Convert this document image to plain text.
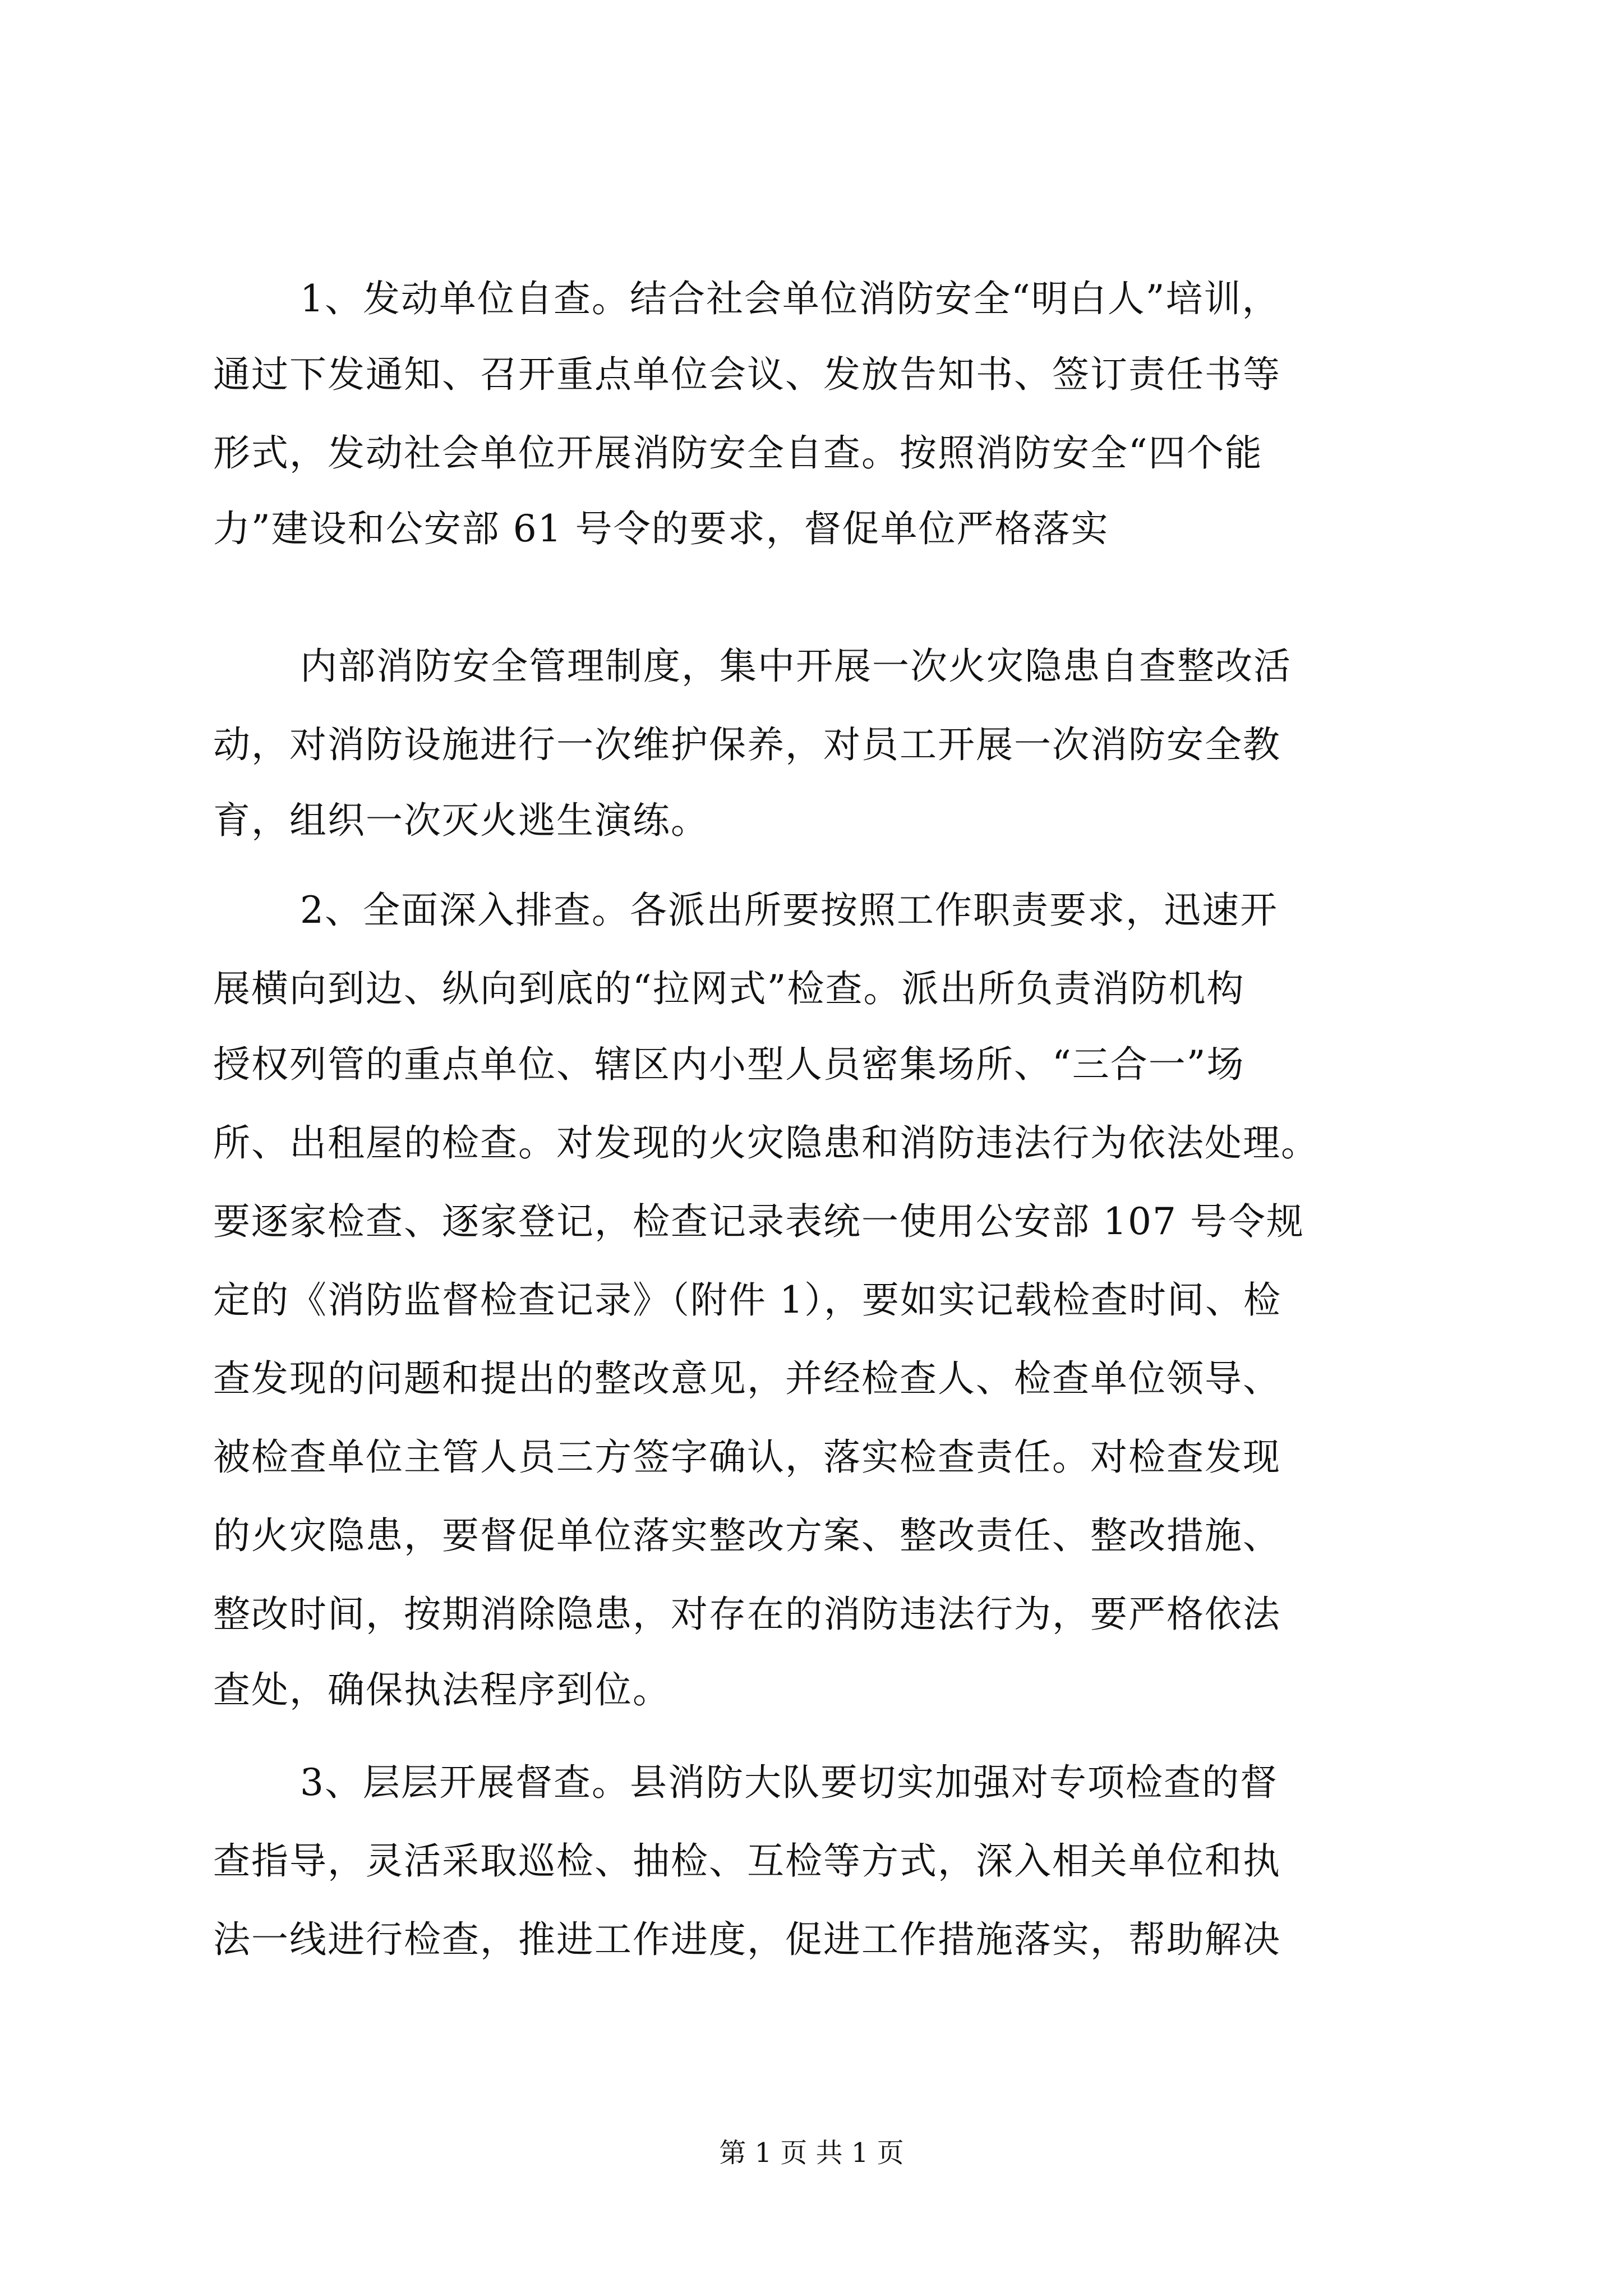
1、发动单位自查。结合社会单位消防安全“明白人”培训，
通过下发通知、召开重点单位会议、发放告知书、签订责任书等
形式，发动社会单位开展消防安全自查。按照消防安全“四个能
力”建设和公安部 61 号令的要求，督促单位严格落实
内部消防安全管理制度，集中开展一次火灾隐患自查整改活
动，对消防设施进行一次维护保养，对员工开展一次消防安全教
育，组织一次灭火逃生演练。
2、全面深入排查。各派出所要按照工作职责要求，迅速开
展横向到边、纵向到底的“拉网式”检查。派出所负责消防机构
授权列管的重点单位、辖区内小型人员密集场所、“三合一”场
所、出租屋的检查。对发现的火灾隐患和消防违法行为依法处理。
要逐家检查、逐家登记，检查记录表统一使用公安部 107 号令规
定的《消防监督检查记录》（附件 1），要如实记载检查时间、检
查发现的问题和提出的整改意见，并经检查人、检查单位领导、
被检查单位主管人员三方签字确认，落实检查责任。对检查发现
的火灾隐患，要督促单位落实整改方案、整改责任、整改措施、
整改时间，按期消除隐患，对存在的消防违法行为，要严格依法
查处，确保执法程序到位。
3、层层开展督查。县消防大队要切实加强对专项检查的督
查指导，灵活采取巡检、抽检、互检等方式，深入相关单位和执
法一线进行检查，推进工作进度，促进工作措施落实，帮助解决
第 1 页 共 1 页
